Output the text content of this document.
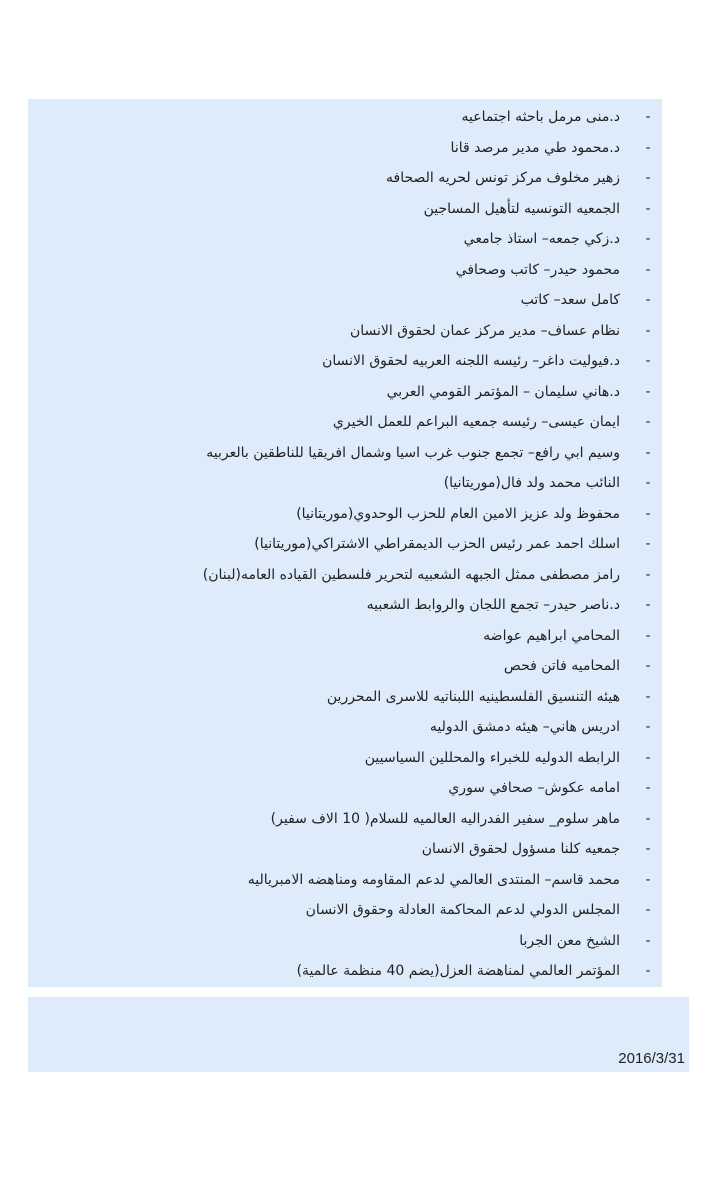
-
د.منى مرمل باحثه اجتماعيه
-
د.محمود طي مدير مرصد قانا
-
زهير مخلوف مركز تونس لحريه الصحافه
-
الجمعيه التونسيه لتأهيل المساجين
-
د.زكي جمعه– استاذ جامعي
-
محمود حيدر– كاتب وصحافي
-
كامل سعد– كاتب
-
نظام عساف– مدير مركز عمان لحقوق الانسان
-
د.فيوليت داغر– رئيسه اللجنه العربيه لحقوق الانسان
-
د.هاني سليمان – المؤتمر القومي العربي
-
ايمان عيسى– رئيسه جمعيه البراعم للعمل الخيري
-
وسيم ابي رافع– تجمع جنوب غرب اسيا وشمال افريقيا للناطقين بالعربيه
-
النائب محمد ولد فال(موريتانيا)
-
محفوظ ولد عزيز الامين العام للحزب الوحدوي(موريتانيا)
-
اسلك احمد عمر رئيس الحزب الديمقراطي الاشتراكي(موريتانيا)
-
رامز مصطفى ممثل الجبهه الشعبيه لتحرير فلسطين القياده العامه(لبنان)
-
د.ناصر حيدر– تجمع اللجان والروابط الشعبيه
-
المحامي ابراهيم عواضه
-
المحاميه فاتن فحص
-
هيئه التنسيق الفلسطينيه اللبناتيه للاسرى المحررين
-
ادريس هاني– هيئه دمشق الدوليه
-
الرابطه الدوليه للخبراء والمحللين السياسيين
-
امامه عكوش– صحافي سوري
-
ماهر سلوم_ سفير الفدراليه العالميه للسلام( 10 الاف سفير)
-
جمعيه كلنا مسؤول لحقوق الانسان
-
محمد قاسم– المنتدى العالمي لدعم المقاومه ومناهضه الامبرياليه
-
المجلس الدولي لدعم المحاكمة العادلة وحقوق الانسان
-
الشيخ معن الجربا
-
المؤتمر العالمي لمناهضة العزل(يضم 40 منظمة عالمية)
2016/3/31
